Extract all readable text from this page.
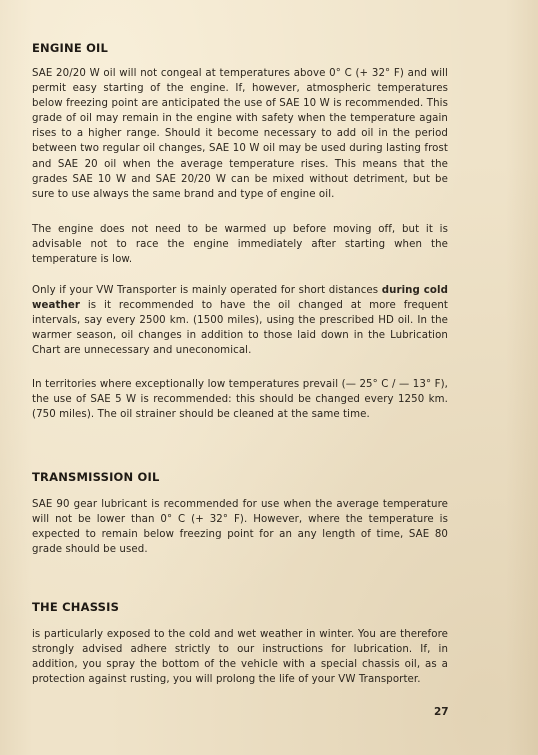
ENGINE OIL

SAE 20/20 W oil will not congeal at temperatures above 0° C (+ 32° F) and will permit easy starting of the engine. If, however, atmospheric temperatures below freezing point are anticipated the use of SAE 10 W is recommended. This grade of oil may remain in the engine with safety when the temperature again rises to a higher range. Should it become necessary to add oil in the period between two regular oil changes, SAE 10 W oil may be used during lasting frost and SAE 20 oil when the average temperature rises. This means that the grades SAE 10 W and SAE 20/20 W can be mixed without detriment, but be sure to use always the same brand and type of engine oil.

The engine does not need to be warmed up before moving off, but it is advisable not to race the engine immediately after starting when the temperature is low.

Only if your VW Transporter is mainly operated for short distances during cold weather is it recommended to have the oil changed at more frequent intervals, say every 2500 km. (1500 miles), using the prescribed HD oil. In the warmer season, oil changes in addition to those laid down in the Lubrication Chart are unnecessary and uneconomical.

In territories where exceptionally low temperatures prevail (— 25° C / — 13° F), the use of SAE 5 W is recommended: this should be changed every 1250 km. (750 miles). The oil strainer should be cleaned at the same time.

TRANSMISSION OIL

SAE 90 gear lubricant is recommended for use when the average temperature will not be lower than 0° C (+ 32° F). However, where the temperature is expected to remain below freezing point for an any length of time, SAE 80 grade should be used.

THE CHASSIS

is particularly exposed to the cold and wet weather in winter. You are therefore strongly advised adhere strictly to our instructions for lubrication. If, in addition, you spray the bottom of the vehicle with a special chassis oil, as a protection against rusting, you will prolong the life of your VW Transporter.

27
